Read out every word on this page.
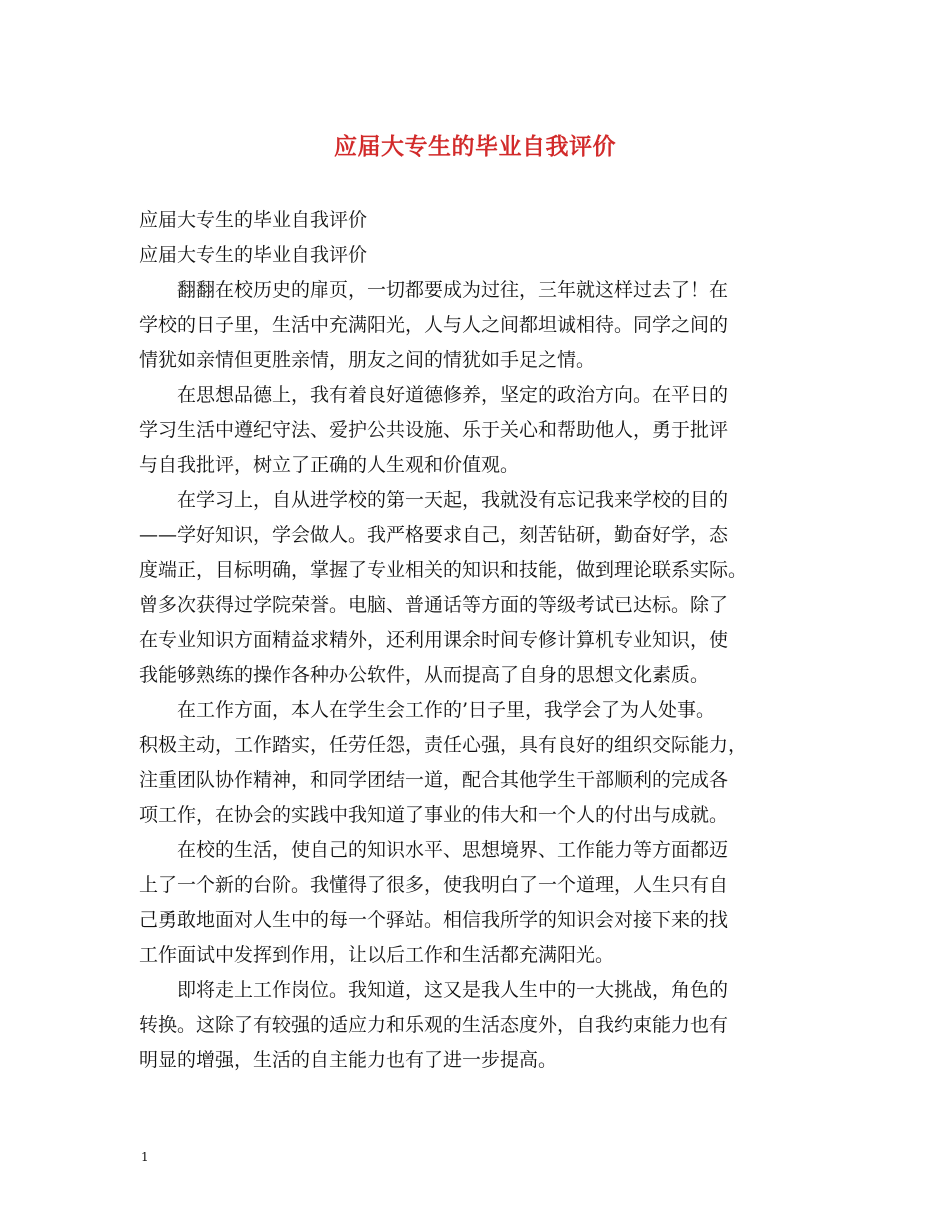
应届大专生的毕业自我评价
应届大专生的毕业自我评价
应届大专生的毕业自我评价
　　翻翻在校历史的扉页，一切都要成为过往，三年就这样过去了！在
学校的日子里，生活中充满阳光，人与人之间都坦诚相待。同学之间的
情犹如亲情但更胜亲情，朋友之间的情犹如手足之情。
　　在思想品德上，我有着良好道德修养，坚定的政治方向。在平日的
学习生活中遵纪守法、爱护公共设施、乐于关心和帮助他人，勇于批评
与自我批评，树立了正确的人生观和价值观。
　　在学习上，自从进学校的第一天起，我就没有忘记我来学校的目的
——学好知识，学会做人。我严格要求自己，刻苦钻研，勤奋好学，态
度端正，目标明确，掌握了专业相关的知识和技能，做到理论联系实际。
曾多次获得过学院荣誉。电脑、普通话等方面的等级考试已达标。除了
在专业知识方面精益求精外，还利用课余时间专修计算机专业知识，使
我能够熟练的操作各种办公软件，从而提高了自身的思想文化素质。
　　在工作方面，本人在学生会工作的’日子里，我学会了为人处事。
积极主动，工作踏实，任劳任怨，责任心强，具有良好的组织交际能力，
注重团队协作精神，和同学团结一道，配合其他学生干部顺利的完成各
项工作，在协会的实践中我知道了事业的伟大和一个人的付出与成就。
　　在校的生活，使自己的知识水平、思想境界、工作能力等方面都迈
上了一个新的台阶。我懂得了很多，使我明白了一个道理，人生只有自
己勇敢地面对人生中的每一个驿站。相信我所学的知识会对接下来的找
工作面试中发挥到作用，让以后工作和生活都充满阳光。
　　即将走上工作岗位。我知道，这又是我人生中的一大挑战，角色的
转换。这除了有较强的适应力和乐观的生活态度外，自我约束能力也有
明显的增强，生活的自主能力也有了进一步提高。
1
